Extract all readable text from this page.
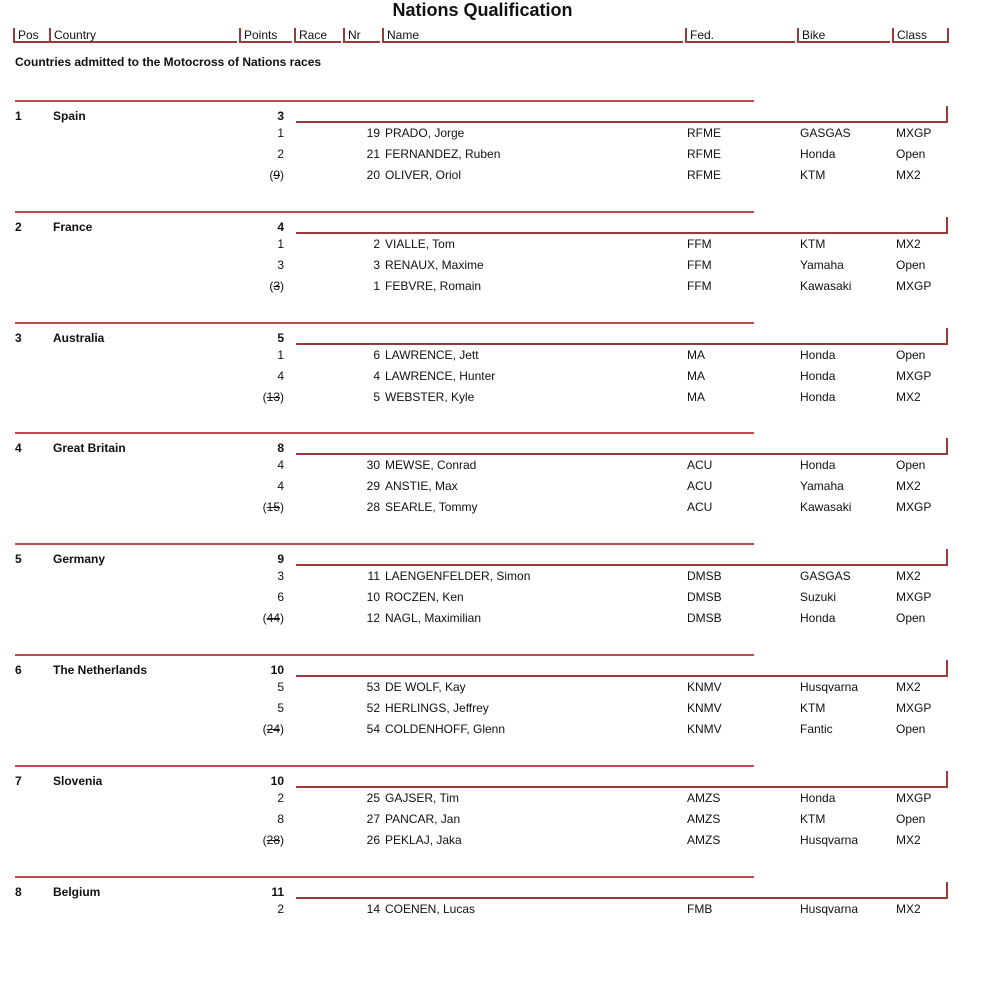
Nations Qualification
Pos	Country	Points	Race	Nr	Name	Fed.	Bike	Class
Countries admitted to the Motocross of Nations races
1	Spain	3
1	19 PRADO, Jorge	RFME	GASGAS	MXGP
2	21 FERNANDEZ, Ruben	RFME	Honda	Open
(9)	20 OLIVER, Oriol	RFME	KTM	MX2
2	France	4
1	2 VIALLE, Tom	FFM	KTM	MX2
3	3 RENAUX, Maxime	FFM	Yamaha	Open
(3)	1 FEBVRE, Romain	FFM	Kawasaki	MXGP
3	Australia	5
1	6 LAWRENCE, Jett	MA	Honda	Open
4	4 LAWRENCE, Hunter	MA	Honda	MXGP
(13)	5 WEBSTER, Kyle	MA	Honda	MX2
4	Great Britain	8
4	30 MEWSE, Conrad	ACU	Honda	Open
4	29 ANSTIE, Max	ACU	Yamaha	MX2
(15)	28 SEARLE, Tommy	ACU	Kawasaki	MXGP
5	Germany	9
3	11 LAENGENFELDER, Simon	DMSB	GASGAS	MX2
6	10 ROCZEN, Ken	DMSB	Suzuki	MXGP
(44)	12 NAGL, Maximilian	DMSB	Honda	Open
6	The Netherlands	10
5	53 DE WOLF, Kay	KNMV	Husqvarna	MX2
5	52 HERLINGS, Jeffrey	KNMV	KTM	MXGP
(24)	54 COLDENHOFF, Glenn	KNMV	Fantic	Open
7	Slovenia	10
2	25 GAJSER, Tim	AMZS	Honda	MXGP
8	27 PANCAR, Jan	AMZS	KTM	Open
(28)	26 PEKLAJ, Jaka	AMZS	Husqvarna	MX2
8	Belgium	11
2	14 COENEN, Lucas	FMB	Husqvarna	MX2
